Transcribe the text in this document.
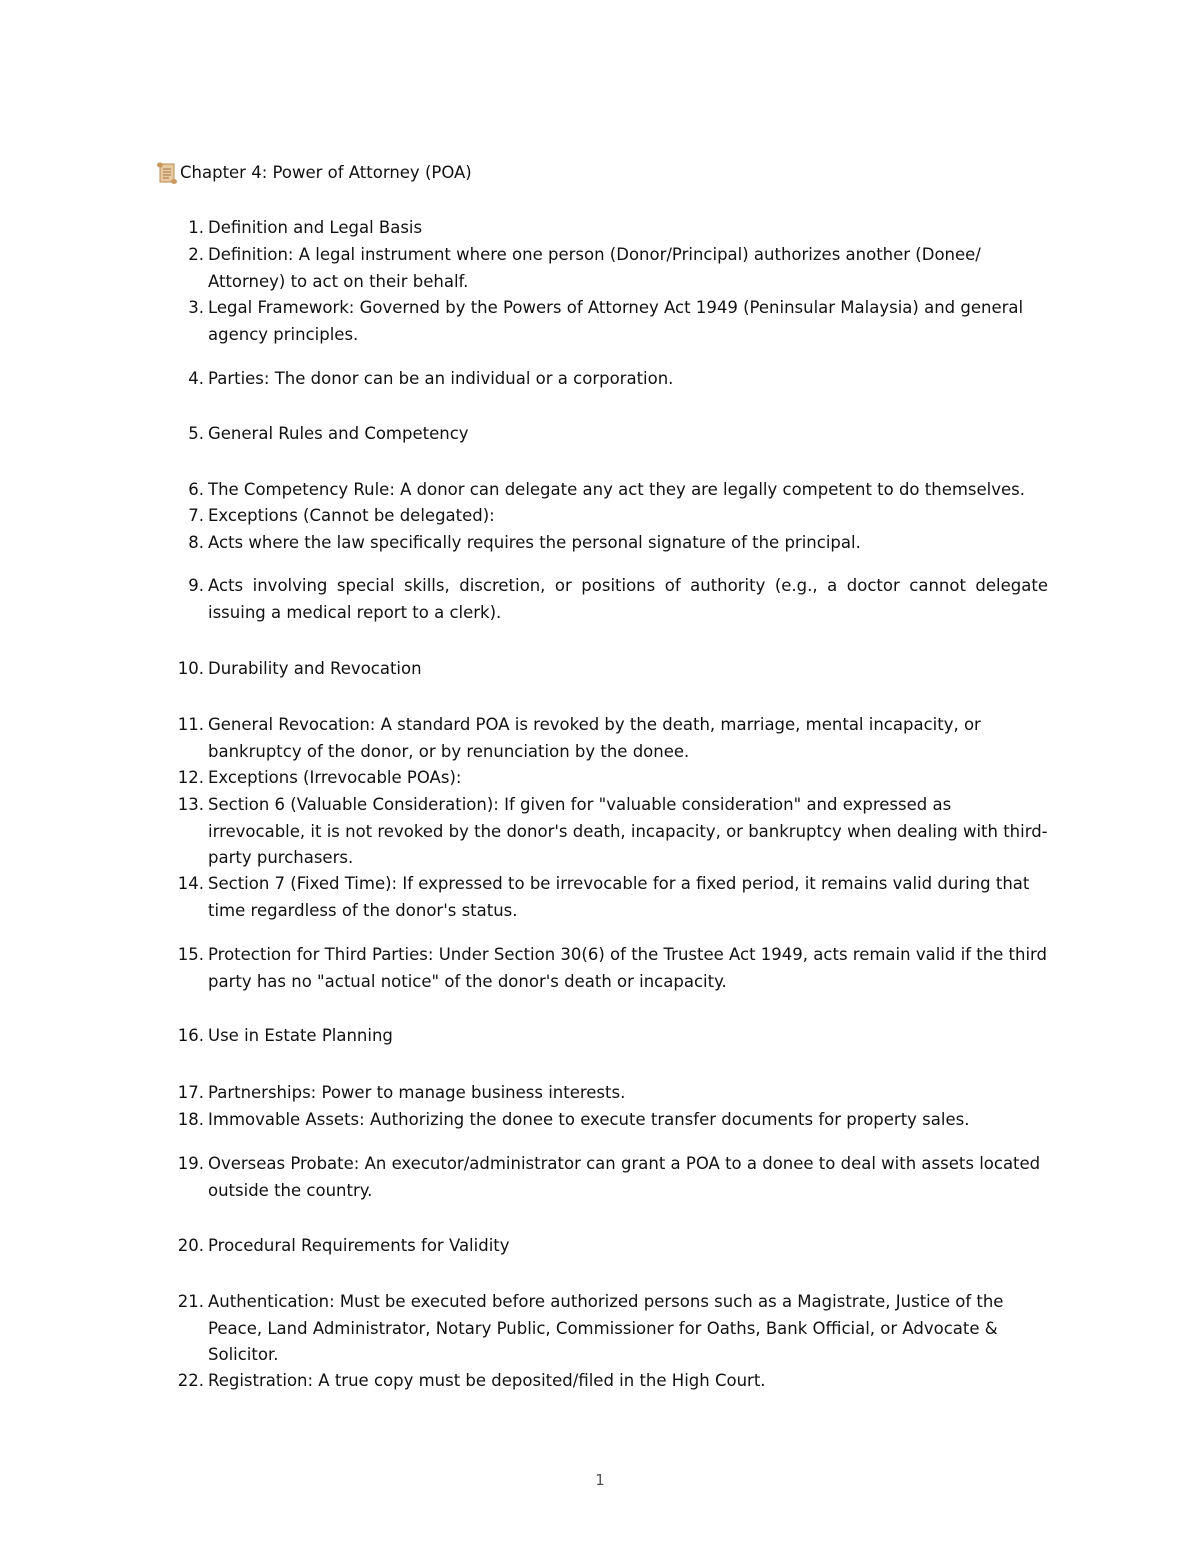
Chapter 4: Power of Attorney (POA)
1. Definition and Legal Basis
2. Definition: A legal instrument where one person (Donor/Principal) authorizes another (Donee/ Attorney) to act on their behalf.
3. Legal Framework: Governed by the Powers of Attorney Act 1949 (Peninsular Malaysia) and general agency principles.
4. Parties: The donor can be an individual or a corporation.
5. General Rules and Competency
6. The Competency Rule: A donor can delegate any act they are legally competent to do themselves.
7. Exceptions (Cannot be delegated):
8. Acts where the law specifically requires the personal signature of the principal.
9. Acts involving special skills, discretion, or positions of authority (e.g., a doctor cannot delegate issuing a medical report to a clerk).
10. Durability and Revocation
11. General Revocation: A standard POA is revoked by the death, marriage, mental incapacity, or bankruptcy of the donor, or by renunciation by the donee.
12. Exceptions (Irrevocable POAs):
13. Section 6 (Valuable Consideration): If given for "valuable consideration" and expressed as irrevocable, it is not revoked by the donor's death, incapacity, or bankruptcy when dealing with third-party purchasers.
14. Section 7 (Fixed Time): If expressed to be irrevocable for a fixed period, it remains valid during that time regardless of the donor's status.
15. Protection for Third Parties: Under Section 30(6) of the Trustee Act 1949, acts remain valid if the third party has no "actual notice" of the donor's death or incapacity.
16. Use in Estate Planning
17. Partnerships: Power to manage business interests.
18. Immovable Assets: Authorizing the donee to execute transfer documents for property sales.
19. Overseas Probate: An executor/administrator can grant a POA to a donee to deal with assets located outside the country.
20. Procedural Requirements for Validity
21. Authentication: Must be executed before authorized persons such as a Magistrate, Justice of the Peace, Land Administrator, Notary Public, Commissioner for Oaths, Bank Official, or Advocate & Solicitor.
22. Registration: A true copy must be deposited/filed in the High Court.
1
